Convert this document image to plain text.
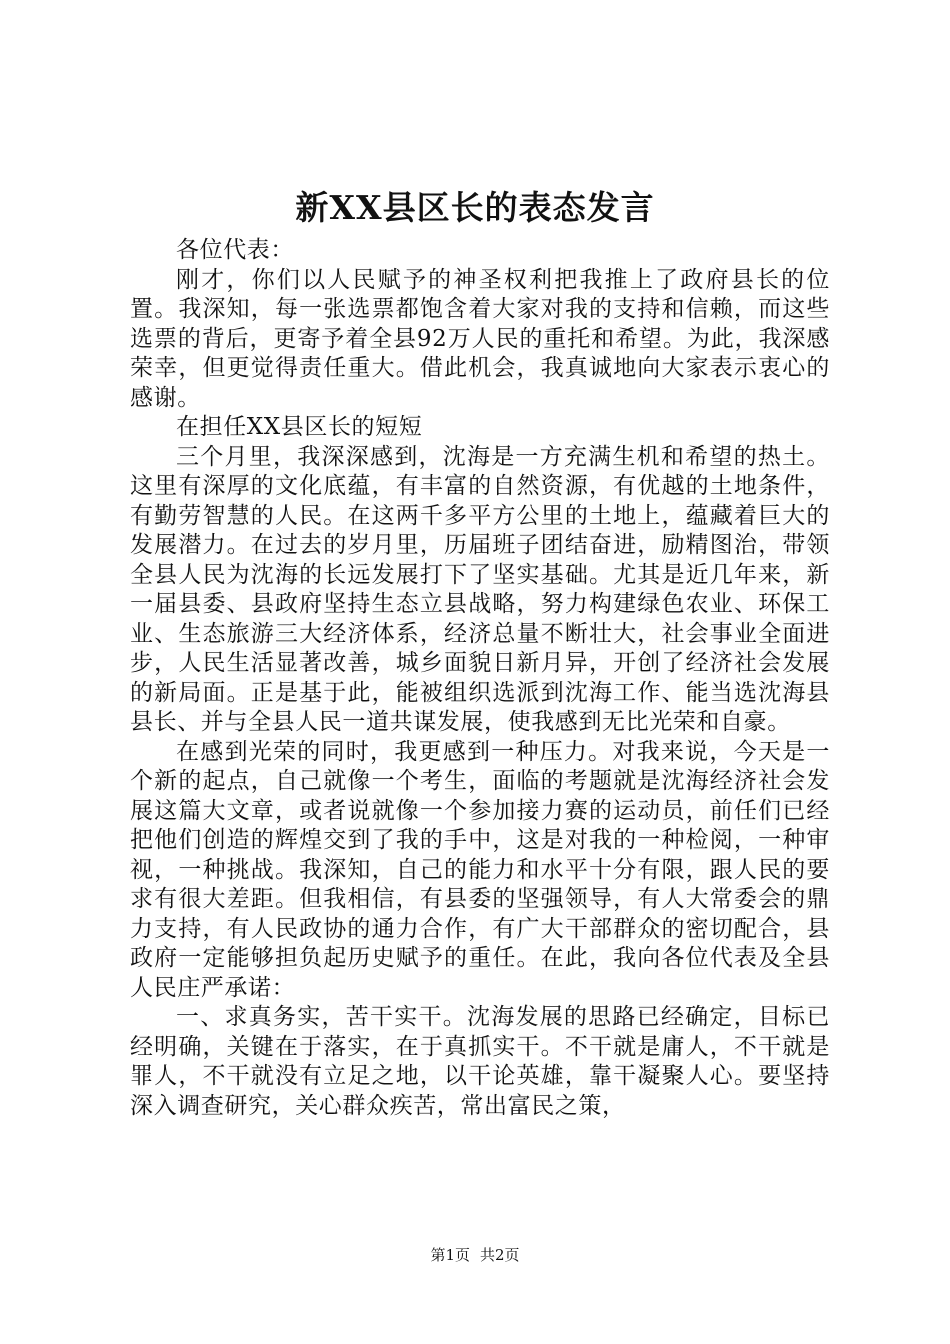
新XX县区长的表态发言

各位代表：

刚才，你们以人民赋予的神圣权利把我推上了政府县长的位置。我深知，每一张选票都饱含着大家对我的支持和信赖，而这些选票的背后，更寄予着全县92万人民的重托和希望。为此，我深感荣幸，但更觉得责任重大。借此机会，我真诚地向大家表示衷心的感谢。

在担任XX县区长的短短

三个月里，我深深感到，沈海是一方充满生机和希望的热土。这里有深厚的文化底蕴，有丰富的自然资源，有优越的土地条件，有勤劳智慧的人民。在这两千多平方公里的土地上，蕴藏着巨大的发展潜力。在过去的岁月里，历届班子团结奋进，励精图治，带领全县人民为沈海的长远发展打下了坚实基础。尤其是近几年来，新一届县委、县政府坚持生态立县战略，努力构建绿色农业、环保工业、生态旅游三大经济体系，经济总量不断壮大，社会事业全面进步，人民生活显著改善，城乡面貌日新月异，开创了经济社会发展的新局面。正是基于此，能被组织选派到沈海工作、能当选沈海县县长、并与全县人民一道共谋发展，使我感到无比光荣和自豪。

在感到光荣的同时，我更感到一种压力。对我来说，今天是一个新的起点，自己就像一个考生，面临的考题就是沈海经济社会发展这篇大文章，或者说就像一个参加接力赛的运动员，前任们已经把他们创造的辉煌交到了我的手中，这是对我的一种检阅，一种审视，一种挑战。我深知，自己的能力和水平十分有限，跟人民的要求有很大差距。但我相信，有县委的坚强领导，有人大常委会的鼎力支持，有人民政协的通力合作，有广大干部群众的密切配合，县政府一定能够担负起历史赋予的重任。在此，我向各位代表及全县人民庄严承诺：

一、求真务实，苦干实干。沈海发展的思路已经确定，目标已经明确，关键在于落实，在于真抓实干。不干就是庸人，不干就是罪人，不干就没有立足之地，以干论英雄，靠干凝聚人心。要坚持深入调查研究，关心群众疾苦，常出富民之策，

第1页 共2页
